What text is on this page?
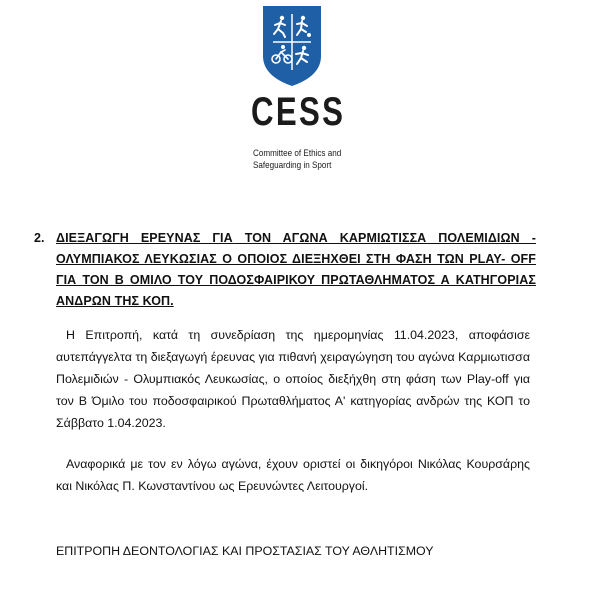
CESS
Committee of Ethics and
Safeguarding in Sport
2. ΔΙΕΞΑΓΩΓΗ ΕΡΕΥΝΑΣ ΓΙΑ ΤΟΝ ΑΓΩΝΑ ΚΑΡΜΙΩΤΙΣΣΑ ΠΟΛΕΜΙΔΙΩΝ - ΟΛΥΜΠΙΑΚΟΣ ΛΕΥΚΩΣΙΑΣ Ο ΟΠΟΙΟΣ ΔΙΕΞΗΧΘΕΙ ΣΤΗ ΦΑΣΗ ΤΩΝ PLAY- OFF ΓΙΑ ΤΟΝ Β ΟΜΙΛΟ ΤΟΥ ΠΟΔΟΣΦΑΙΡΙΚΟΥ ΠΡΩΤΑΘΛΗΜΑΤΟΣ Α ΚΑΤΗΓΟΡΙΑΣ ΑΝΔΡΩΝ ΤΗΣ ΚΟΠ.
Η Επιτροπή, κατά τη συνεδρίαση της ημερομηνίας 11.04.2023, αποφάσισε αυτεπάγγελτα τη διεξαγωγή έρευνας για πιθανή χειραγώγηση του αγώνα Καρμιωτισσα Πολεμιδιών - Ολυμπιακός Λευκωσίας, ο οποίος διεξήχθη στη φάση των Play-off για τον Β Όμιλο του ποδοσφαιρικού Πρωταθλήματος Α' κατηγορίας ανδρών της ΚΟΠ το Σάββατο 1.04.2023.
Αναφορικά με τον εν λόγω αγώνα, έχουν οριστεί οι δικηγόροι Νικόλας Κουρσάρης και Νικόλας Π. Κωνσταντίνου ως Ερευνώντες Λειτουργοί.
ΕΠΙΤΡΟΠΗ ΔΕΟΝΤΟΛΟΓΙΑΣ ΚΑΙ ΠΡΟΣΤΑΣΙΑΣ ΤΟΥ ΑΘΛΗΤΙΣΜΟΥ
